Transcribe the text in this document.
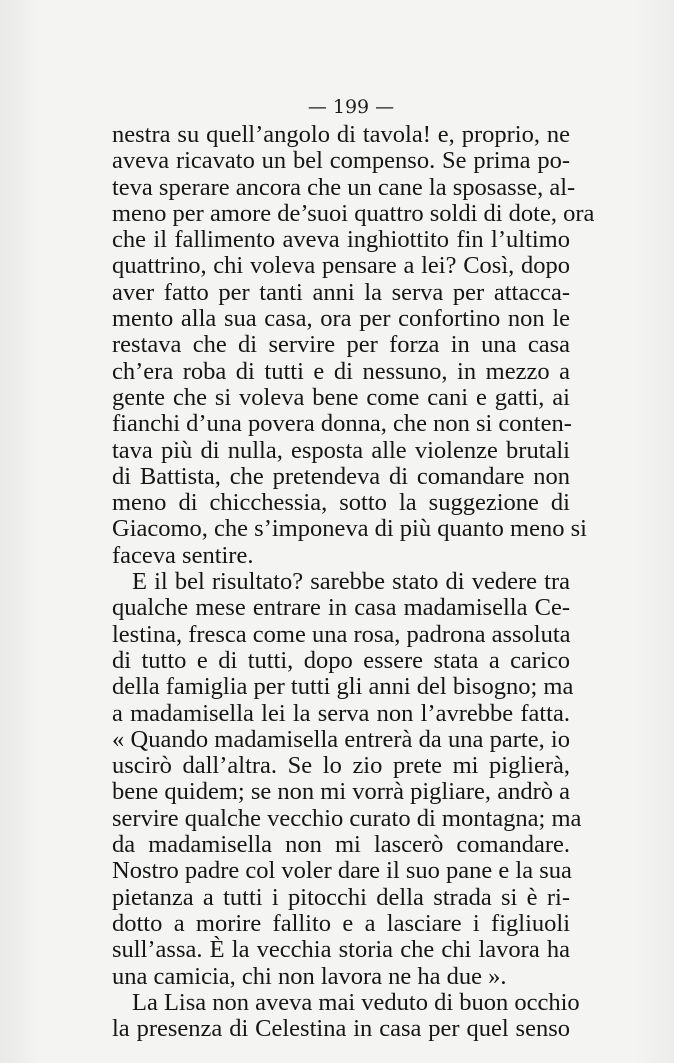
— 199 —
nestra su quell’angolo di tavola! e, proprio, ne
aveva ricavato un bel compenso. Se prima po-
teva sperare ancora che un cane la sposasse, al-
meno per amore de’suoi quattro soldi di dote, ora
che il fallimento aveva inghiottito fin l’ultimo
quattrino, chi voleva pensare a lei? Così, dopo
aver fatto per tanti anni la serva per attacca-
mento alla sua casa, ora per confortino non le
restava che di servire per forza in una casa
ch’era roba di tutti e di nessuno, in mezzo a
gente che si voleva bene come cani e gatti, ai
fianchi d’una povera donna, che non si conten-
tava più di nulla, esposta alle violenze brutali
di Battista, che pretendeva di comandare non
meno di chicchessia, sotto la suggezione di
Giacomo, che s’imponeva di più quanto meno si
faceva sentire.
E il bel risultato? sarebbe stato di vedere tra
qualche mese entrare in casa madamisella Ce-
lestina, fresca come una rosa, padrona assoluta
di tutto e di tutti, dopo essere stata a carico
della famiglia per tutti gli anni del bisogno; ma
a madamisella lei la serva non l’avrebbe fatta.
« Quando madamisella entrerà da una parte, io
uscirò dall’altra. Se lo zio prete mi piglierà,
bene quidem; se non mi vorrà pigliare, andrò a
servire qualche vecchio curato di montagna; ma
da madamisella non mi lascerò comandare.
Nostro padre col voler dare il suo pane e la sua
pietanza a tutti i pitocchi della strada si è ri-
dotto a morire fallito e a lasciare i figliuoli
sull’assa. È la vecchia storia che chi lavora ha
una camicia, chi non lavora ne ha due ».
La Lisa non aveva mai veduto di buon occhio
la presenza di Celestina in casa per quel senso
